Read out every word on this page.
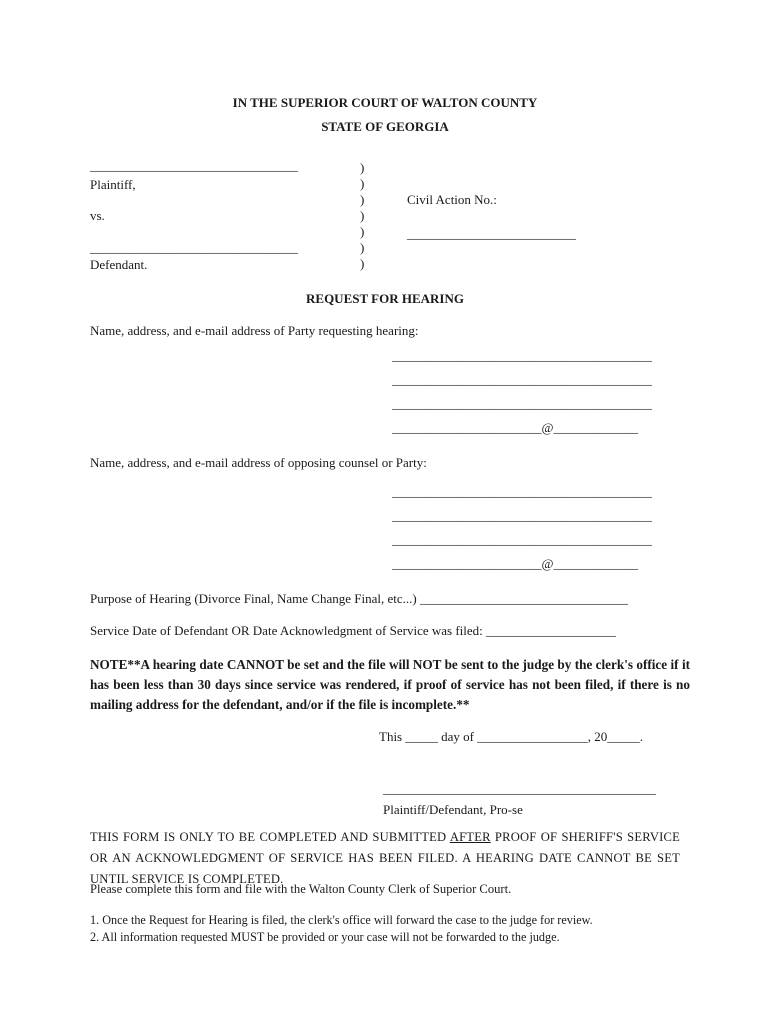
IN THE SUPERIOR COURT OF WALTON COUNTY
STATE OF GEORGIA
________________________________
Plaintiff,
vs.
________________________________
Defendant.
)
)
)
)
)
)
)
Civil Action No.:
__________________________
REQUEST FOR HEARING
Name, address, and e-mail address of Party requesting hearing:
________________________________________
________________________________________
________________________________________
_______________________@_____________
Name, address, and e-mail address of opposing counsel or Party:
________________________________________
________________________________________
________________________________________
_______________________@_____________
Purpose of Hearing (Divorce Final, Name Change Final, etc...) ________________________________
Service Date of Defendant OR Date Acknowledgment of Service was filed: ____________________
NOTE**A hearing date CANNOT be set and the file will NOT be sent to the judge by the clerk's office if it has been less than 30 days since service was rendered, if proof of service has not been filed, if there is no mailing address for the defendant, and/or if the file is incomplete.**
This _____ day of _________________, 20_____.
__________________________________________
Plaintiff/Defendant, Pro-se
THIS FORM IS ONLY TO BE COMPLETED AND SUBMITTED AFTER PROOF OF SHERIFF'S SERVICE OR AN ACKNOWLEDGMENT OF SERVICE HAS BEEN FILED. A HEARING DATE CANNOT BE SET UNTIL SERVICE IS COMPLETED.
Please complete this form and file with the Walton County Clerk of Superior Court.
1. Once the Request for Hearing is filed, the clerk's office will forward the case to the judge for review.
2. All information requested MUST be provided or your case will not be forwarded to the judge.
